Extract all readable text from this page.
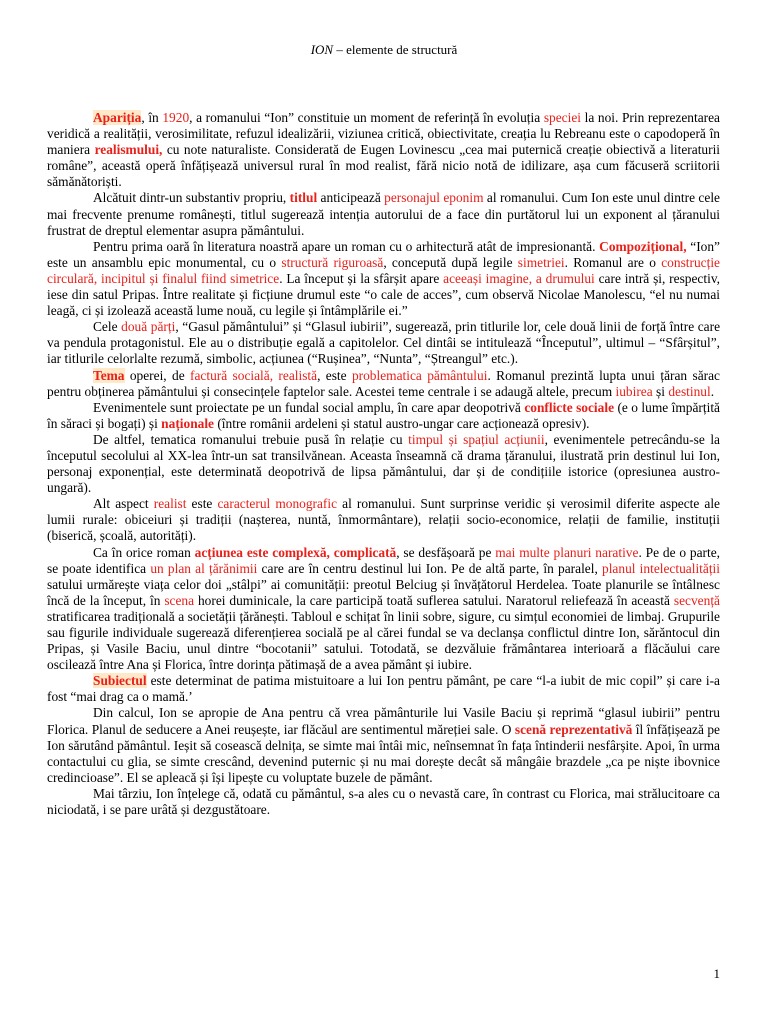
ION – elemente de structură

Apariția, în 1920, a romanului “Ion” constituie un moment de referință în evoluția speciei la noi. Prin reprezentarea veridică a realității, verosimilitate, refuzul idealizării, viziunea critică, obiectivitate, creația lu Rebreanu este o capodoperă în maniera realismului, cu note naturaliste. Considerată de Eugen Lovinescu „cea mai puternică creație obiectivă a literaturii române”, această operă înfățișează universul rural în mod realist, fără nicio notă de idilizare, așa cum făcuseră scriitorii sămănătoriști.

Alcătuit dintr-un substantiv propriu, titlul anticipează personajul eponim al romanului. Cum Ion este unul dintre cele mai frecvente prenume românești, titlul sugerează intenția autorului de a face din purtătorul lui un exponent al țăranului frustrat de dreptul elementar asupra pământului.

Pentru prima oară în literatura noastră apare un roman cu o arhitectură atât de impresionantă. Compozițional, “Ion” este un ansamblu epic monumental, cu o structură riguroasă, concepută după legile simetriei. Romanul are o construcție circulară, incipitul și finalul fiind simetrice. La început și la sfârșit apare aceeași imagine, a drumului care intră și, respectiv, iese din satul Pripas. Între realitate și ficțiune drumul este “o cale de acces”, cum observă Nicolae Manolescu, “el nu numai leagă, ci și izolează această lume nouă, cu legile și întâmplările ei.”

Cele două părți, “Gasul pământului” și “Glasul iubirii”, sugerează, prin titlurile lor, cele două linii de forță între care va pendula protagonistul. Ele au o distribuție egală a capitolelor. Cel dintâi se intitulează “Începutul”, ultimul – “Sfârșitul”, iar titlurile celorlalte rezumă, simbolic, acțiunea (“Rușinea”, “Nunta”, “Ștreangul” etc.).

Tema operei, de factură socială, realistă, este problematica pământului. Romanul prezintă lupta unui țăran sărac pentru obținerea pământului și consecințele faptelor sale. Acestei teme centrale i se adaugă altele, precum iubirea și destinul.

Evenimentele sunt proiectate pe un fundal social amplu, în care apar deopotrivă conflicte sociale (e o lume împărțită în săraci și bogați) și naționale (între românii ardeleni și statul austro-ungar care acționează opresiv).

De altfel, tematica romanului trebuie pusă în relație cu timpul și spațiul acțiunii, evenimentele petrecându-se la începutul secolului al XX-lea într-un sat transilvănean. Aceasta înseamnă că drama țăranului, ilustrată prin destinul lui Ion, personaj exponențial, este determinată deopotrivă de lipsa pământului, dar și de condițiile istorice (opresiunea austro-ungară).

Alt aspect realist este caracterul monografic al romanului. Sunt surprinse veridic și verosimil diferite aspecte ale lumii rurale: obiceiuri și tradiții (nașterea, nuntă, înmormântare), relații socio-economice, relații de familie, instituții (biserică, școală, autorități).

Ca în orice roman acțiunea este complexă, complicată, se desfășoară pe mai multe planuri narative. Pe de o parte, se poate identifica un plan al țărănimii care are în centru destinul lui Ion. Pe de altă parte, în paralel, planul intelectualității satului urmărește viața celor doi „stâlpi” ai comunității: preotul Belciug și învățătorul Herdelea. Toate planurile se întâlnesc încă de la început, în scena horei duminicale, la care participă toată suflerea satului. Naratorul reliefează în această secvență stratificarea tradițională a societății țărănești. Tabloul e schițat în linii sobre, sigure, cu simțul economiei de limbaj. Grupurile sau figurile individuale sugerează diferențierea socială pe al cărei fundal se va declanșa conflictul dintre Ion, sărăntocul din Pripas, și Vasile Baciu, unul dintre “bocotanii” satului. Totodată, se dezvăluie frământarea interioară a flăcăului care oscilează între Ana și Florica, între dorința pătimașă de a avea pământ și iubire.

Subiectul este determinat de patima mistuitoare a lui Ion pentru pământ, pe care “l-a iubit de mic copil” și care i-a fost “mai drag ca o mamă.’

Din calcul, Ion se apropie de Ana pentru că vrea pământurile lui Vasile Baciu și reprimă “glasul iubirii” pentru Florica. Planul de seducere a Anei reușește, iar flăcăul are sentimentul măreției sale. O scenă reprezentativă îl înfățișează pe Ion sărutând pământul. Ieșit să cosească delnița, se simte mai întâi mic, neînsemnat în fața întinderii nesfârșite. Apoi, în urma contactului cu glia, se simte crescând, devenind puternic și nu mai dorește decât să mângâie brazdele „ca pe niște ibovnice credincioase”. El se apleacă și își lipește cu voluptate buzele de pământ.

Mai târziu, Ion înțelege că, odată cu pământul, s-a ales cu o nevastă care, în contrast cu Florica, mai strălucitoare ca niciodată, i se pare urâtă și dezgustătoare.

1
